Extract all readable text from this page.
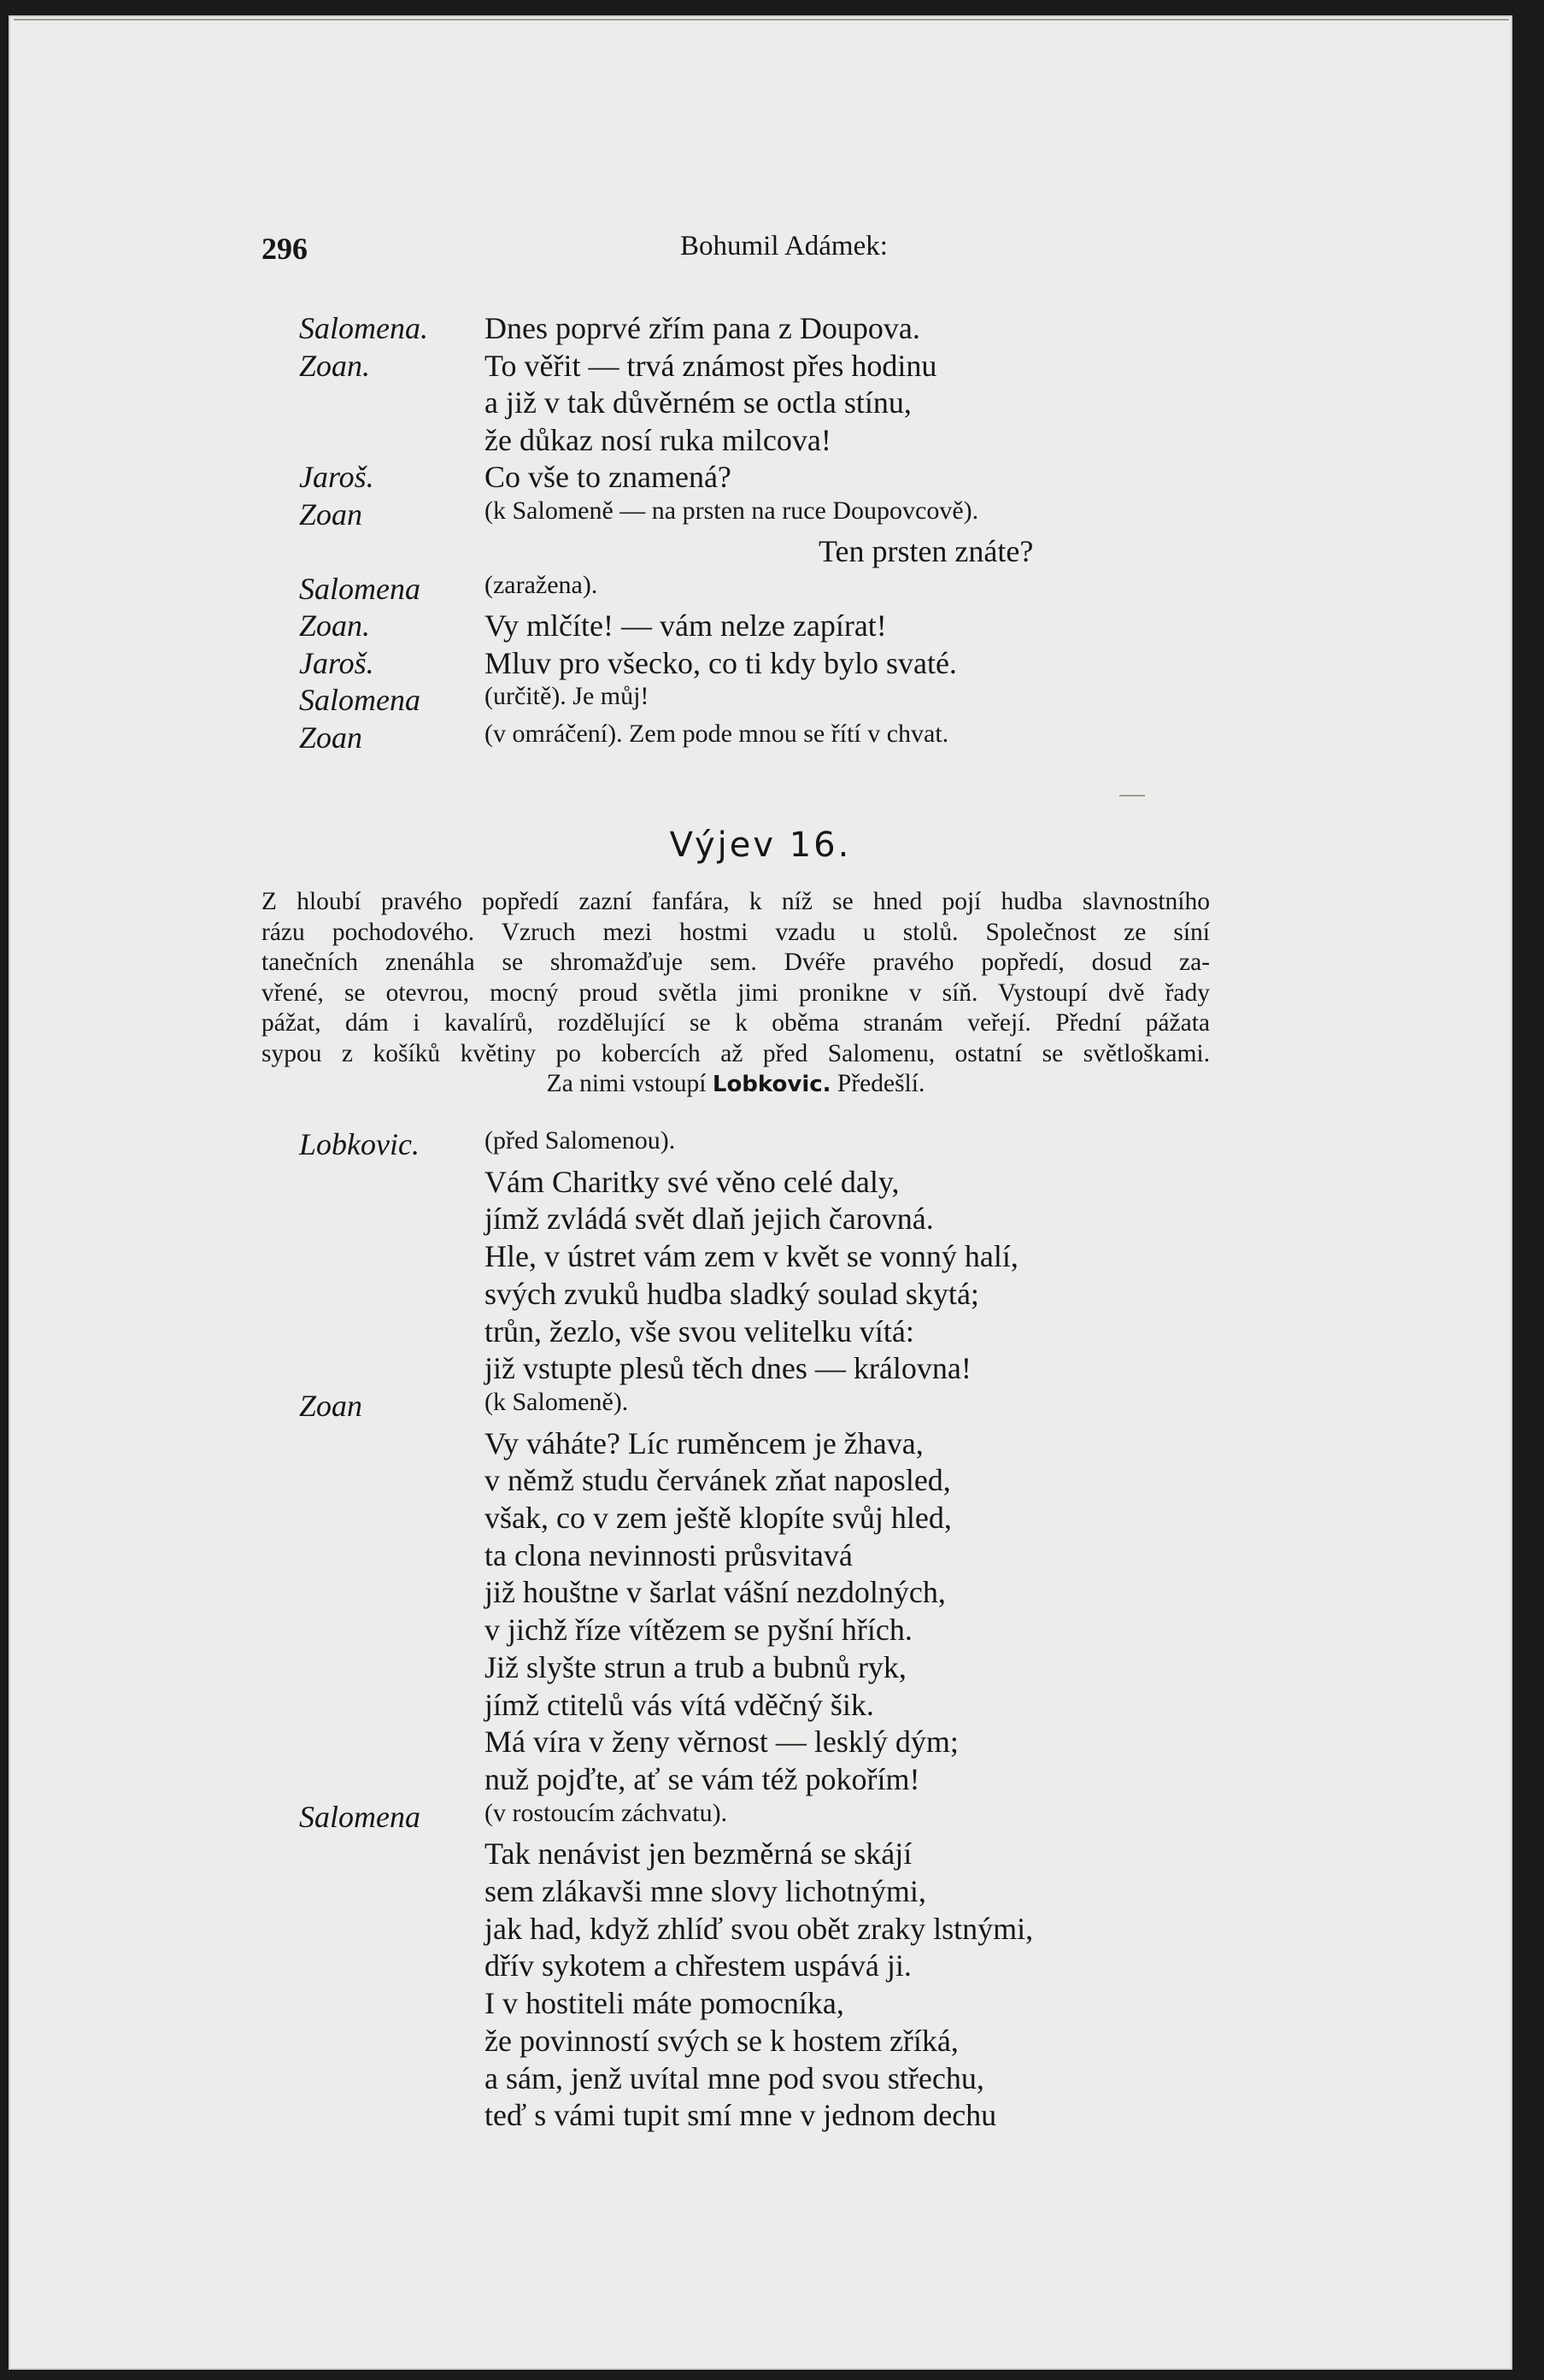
296	Bohumil Adámek:
Salomena. Dnes poprvé zřím pana z Doupova.
Zoan.	To věřit — trvá známost přes hodinu
a již v tak důvěrném se octla stínu,
že důkaz nosí ruka milcova!
Jaroš.	Co vše to znamená?
Zoan	(k Salomeně — na prsten na ruce Doupovcově).
Ten prsten znáte?
Salomena	(zaražena).
Zoan.	Vy mlčíte! — vám nelze zapírat!
Jaroš.	Mluv pro všecko, co ti kdy bylo svaté.
Salomena	(určitě). Je můj!
Zoan	(v omráčení). Zem pode mnou se řítí v chvat.
Výjev 16.
Z hloubí pravého popředí zazní fanfára, k níž se hned pojí hudba slavnostního
rázu pochodového. Vzruch mezi hostmi vzadu u stolů. Společnost ze síní
tanečních znenáhla se shromažďuje sem. Dvéře pravého popředí, dosud za-
vřené, se otevrou, mocný proud světla jimi pronikne v síň. Vystoupí dvě řady
pážat, dám i kavalírů, rozdělující se k oběma stranám veřejí. Přední pážata
sypou z košíků květiny po kobercích až před Salomenu, ostatní se světloškami.
Za nimi vstoupí Lobkovic. Předešlí.
Lobkovic.	(před Salomenou).
Vám Charitky své věno celé daly,
jímž zvládá svět dlaň jejich čarovná.
Hle, v ústret vám zem v květ se vonný halí,
svých zvuků hudba sladký soulad skytá;
trůn, žezlo, vše svou velitelku vítá:
již vstupte plesů těch dnes — královna!
Zoan	(k Salomeně).
Vy váháte? Líc ruměncem je žhava,
v němž studu červánek zňat naposled,
však, co v zem ještě klopíte svůj hled,
ta clona nevinnosti průsvitavá
již houštne v šarlat vášní nezdolných,
v jichž říze vítězem se pyšní hřích.
Již slyšte strun a trub a bubnů ryk,
jímž ctitelů vás vítá vděčný šik.
Má víra v ženy věrnost — lesklý dým;
nuž pojďte, ať se vám též pokořím!
Salomena	(v rostoucím záchvatu).
Tak nenávist jen bezměrná se skájí
sem zlákavši mne slovy lichotnými,
jak had, když zhlíď svou obět zraky lstnými,
dřív sykotem a chřestem uspává ji.
I v hostiteli máte pomocníka,
že povinností svých se k hostem zříká,
a sám, jenž uvítal mne pod svou střechu,
teď s vámi tupit smí mne v jednom dechu
